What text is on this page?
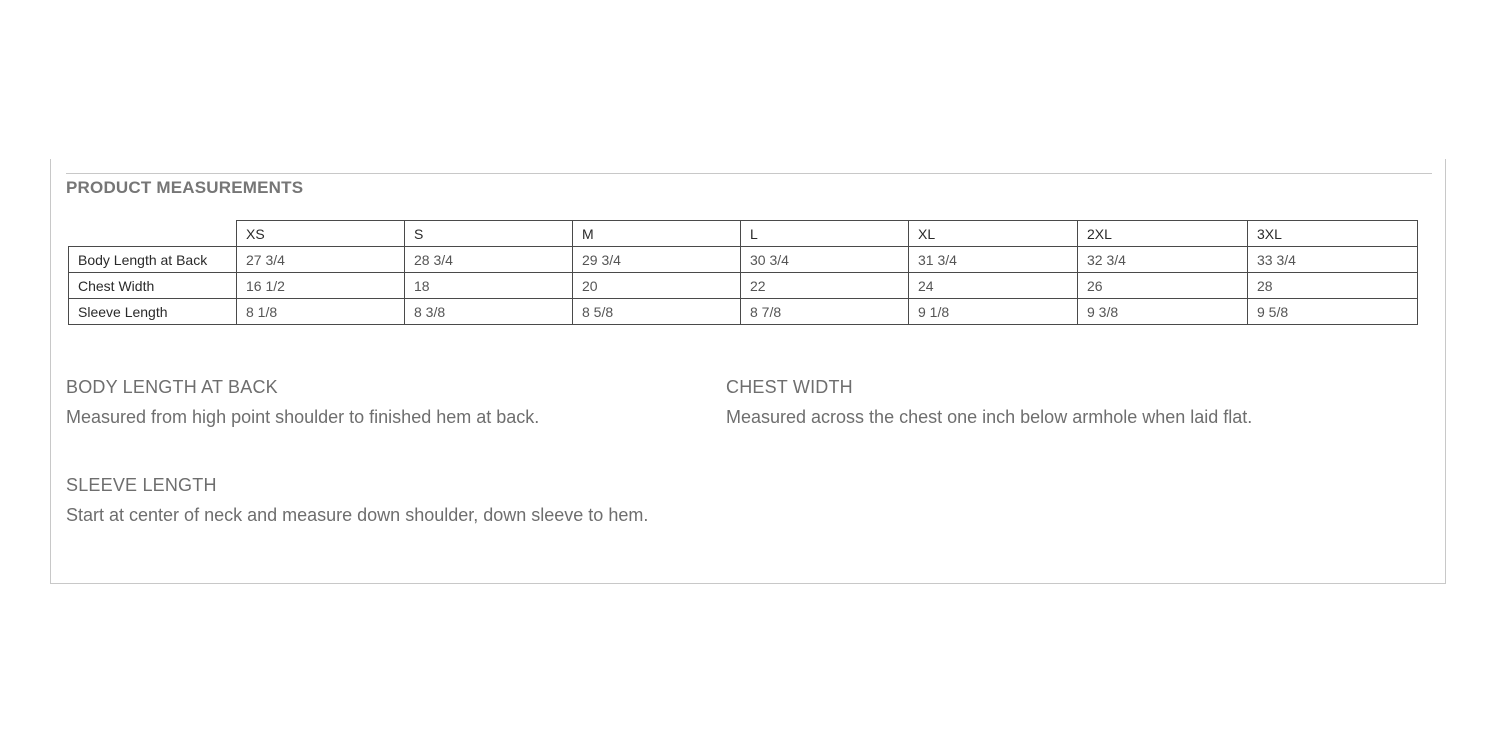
PRODUCT MEASUREMENTS
	XS	S	M	L	XL	2XL	3XL
Body Length at Back	27 3/4	28 3/4	29 3/4	30 3/4	31 3/4	32 3/4	33 3/4
Chest Width	16 1/2	18	20	22	24	26	28
Sleeve Length	8 1/8	8 3/8	8 5/8	8 7/8	9 1/8	9 3/8	9 5/8
BODY LENGTH AT BACK
Measured from high point shoulder to finished hem at back.
CHEST WIDTH
Measured across the chest one inch below armhole when laid flat.
SLEEVE LENGTH
Start at center of neck and measure down shoulder, down sleeve to hem.
